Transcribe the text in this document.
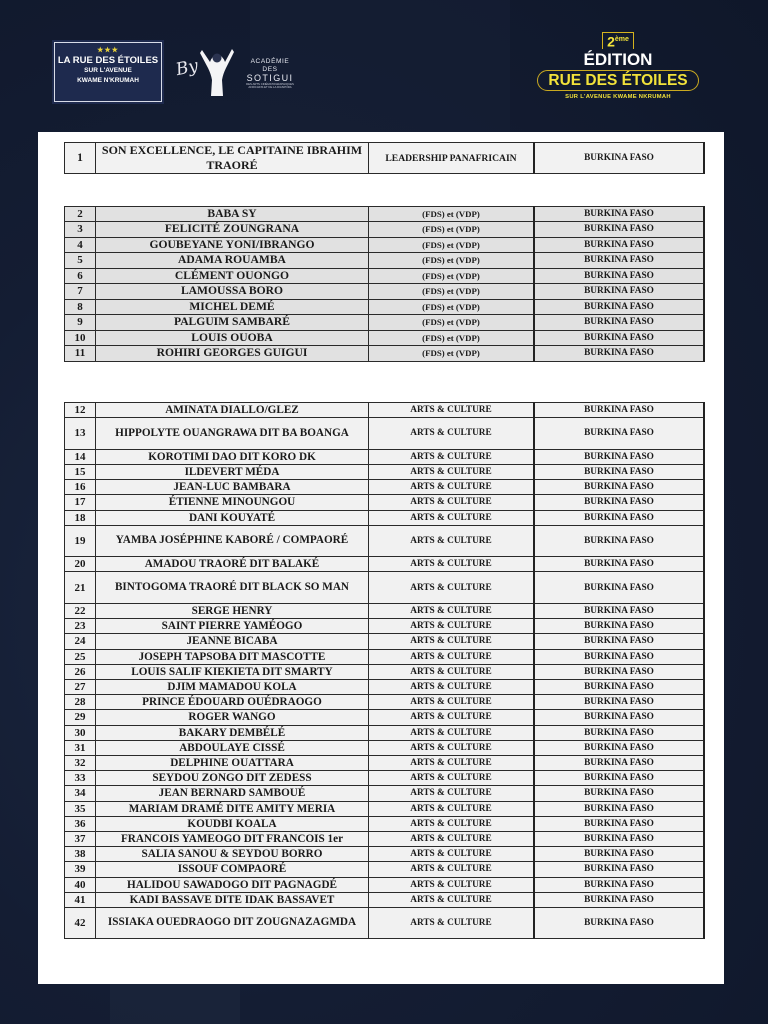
★★★
LA RUE DES ÉTOILES
SUR L'AVENUE
KWAME N'KRUMAH
By	ACADÉMIE
DES
SOTIGUI
DES ARTS CINÉMATOGRAPHIQUES
AFRICAINS ET DE LA DIASPORA
2ème
ÉDITION
RUE DES ÉTOILES
SUR L'AVENUE KWAME NKRUMAH
1	SON EXCELLENCE, LE CAPITAINE IBRAHIM TRAORÉ	LEADERSHIP PANAFRICAIN	BURKINA FASO
2	BABA SY	(FDS) et (VDP)	BURKINA FASO
3	FELICITÉ ZOUNGRANA	(FDS) et (VDP)	BURKINA FASO
4	GOUBEYANE YONI/IBRANGO	(FDS) et (VDP)	BURKINA FASO
5	ADAMA ROUAMBA	(FDS) et (VDP)	BURKINA FASO
6	CLÉMENT OUONGO	(FDS) et (VDP)	BURKINA FASO
7	LAMOUSSA BORO	(FDS) et (VDP)	BURKINA FASO
8	MICHEL DEMÉ	(FDS) et (VDP)	BURKINA FASO
9	PALGUIM SAMBARÉ	(FDS) et (VDP)	BURKINA FASO
10	LOUIS OUOBA	(FDS) et (VDP)	BURKINA FASO
11	ROHIRI GEORGES GUIGUI	(FDS) et (VDP)	BURKINA FASO
12	AMINATA DIALLO/GLEZ	ARTS & CULTURE	BURKINA FASO
13	HIPPOLYTE OUANGRAWA DIT BA BOANGA	ARTS & CULTURE	BURKINA FASO
14	KOROTIMI DAO DIT KORO DK	ARTS & CULTURE	BURKINA FASO
15	ILDEVERT MÉDA	ARTS & CULTURE	BURKINA FASO
16	JEAN-LUC BAMBARA	ARTS & CULTURE	BURKINA FASO
17	ÉTIENNE MINOUNGOU	ARTS & CULTURE	BURKINA FASO
18	DANI KOUYATÉ	ARTS & CULTURE	BURKINA FASO
19	YAMBA JOSÉPHINE KABORÉ / COMPAORÉ	ARTS & CULTURE	BURKINA FASO
20	AMADOU TRAORÉ DIT BALAKÉ	ARTS & CULTURE	BURKINA FASO
21	BINTOGOMA TRAORÉ DIT BLACK SO MAN	ARTS & CULTURE	BURKINA FASO
22	SERGE HENRY	ARTS & CULTURE	BURKINA FASO
23	SAINT PIERRE YAMÉOGO	ARTS & CULTURE	BURKINA FASO
24	JEANNE BICABA	ARTS & CULTURE	BURKINA FASO
25	JOSEPH TAPSOBA DIT MASCOTTE	ARTS & CULTURE	BURKINA FASO
26	LOUIS SALIF KIEKIETA DIT SMARTY	ARTS & CULTURE	BURKINA FASO
27	DJIM MAMADOU KOLA	ARTS & CULTURE	BURKINA FASO
28	PRINCE ÉDOUARD OUÉDRAOGO	ARTS & CULTURE	BURKINA FASO
29	ROGER WANGO	ARTS & CULTURE	BURKINA FASO
30	BAKARY DEMBÉLÉ	ARTS & CULTURE	BURKINA FASO
31	ABDOULAYE CISSÉ	ARTS & CULTURE	BURKINA FASO
32	DELPHINE OUATTARA	ARTS & CULTURE	BURKINA FASO
33	SEYDOU ZONGO DIT ZEDESS	ARTS & CULTURE	BURKINA FASO
34	JEAN BERNARD SAMBOUÉ	ARTS & CULTURE	BURKINA FASO
35	MARIAM DRAMÉ DITE AMITY MERIA	ARTS & CULTURE	BURKINA FASO
36	KOUDBI KOALA	ARTS & CULTURE	BURKINA FASO
37	FRANCOIS YAMEOGO DIT FRANCOIS 1er	ARTS & CULTURE	BURKINA FASO
38	SALIA SANOU & SEYDOU BORRO	ARTS & CULTURE	BURKINA FASO
39	ISSOUF COMPAORÉ	ARTS & CULTURE	BURKINA FASO
40	HALIDOU SAWADOGO DIT PAGNAGDÉ	ARTS & CULTURE	BURKINA FASO
41	KADI BASSAVE DITE IDAK BASSAVET	ARTS & CULTURE	BURKINA FASO
42	ISSIAKA OUEDRAOGO DIT ZOUGNAZAGMDA	ARTS & CULTURE	BURKINA FASO
